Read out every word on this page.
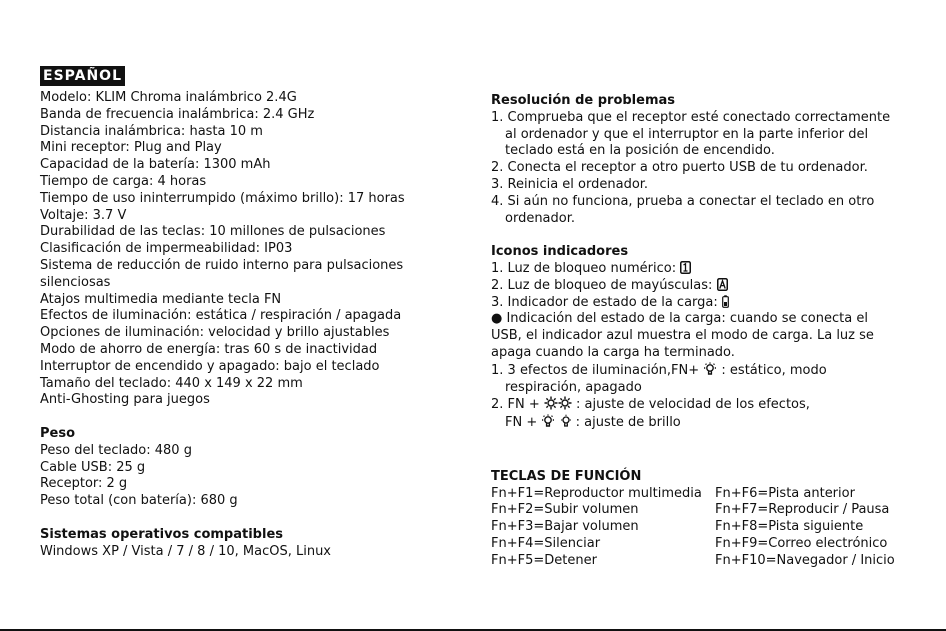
ESPAÑOL
Modelo: KLIM Chroma inalámbrico 2.4G
Banda de frecuencia inalámbrica: 2.4 GHz
Distancia inalámbrica: hasta 10 m
Mini receptor: Plug and Play
Capacidad de la batería: 1300 mAh
Tiempo de carga: 4 horas
Tiempo de uso ininterrumpido (máximo brillo): 17 horas
Voltaje: 3.7 V
Durabilidad de las teclas: 10 millones de pulsaciones
Clasificación de impermeabilidad: IP03
Sistema de reducción de ruido interno para pulsaciones
silenciosas
Atajos multimedia mediante tecla FN
Efectos de iluminación: estática / respiración / apagada
Opciones de iluminación: velocidad y brillo ajustables
Modo de ahorro de energía: tras 60 s de inactividad
Interruptor de encendido y apagado: bajo el teclado
Tamaño del teclado: 440 x 149 x 22 mm
Anti-Ghosting para juegos
Peso
Peso del teclado: 480 g
Cable USB: 25 g
Receptor: 2 g
Peso total (con batería): 680 g
Sistemas operativos compatibles
Windows XP / Vista / 7 / 8 / 10, MacOS, Linux
Resolución de problemas
1. Comprueba que el receptor esté conectado correctamente
al ordenador y que el interruptor en la parte inferior del
teclado está en la posición de encendido.
2. Conecta el receptor a otro puerto USB de tu ordenador.
3. Reinicia el ordenador.
4. Si aún no funciona, prueba a conectar el teclado en otro
ordenador.
Iconos indicadores
1. Luz de bloqueo numérico:
2. Luz de bloqueo de mayúsculas:
3. Indicador de estado de la carga:
● Indicación del estado de la carga: cuando se conecta el
USB, el indicador azul muestra el modo de carga. La luz se
apaga cuando la carga ha terminado.
1. 3 efectos de iluminación,FN+ : estático, modo
respiración, apagado
2. FN +	: ajuste de velocidad de los efectos,
FN +	: ajuste de brillo
TECLAS DE FUNCIÓN
Fn+F1=Reproductor multimedia	Fn+F6=Pista anterior
Fn+F2=Subir volumen	Fn+F7=Reproducir / Pausa
Fn+F3=Bajar volumen	Fn+F8=Pista siguiente
Fn+F4=Silenciar	Fn+F9=Correo electrónico
Fn+F5=Detener	Fn+F10=Navegador / Inicio
